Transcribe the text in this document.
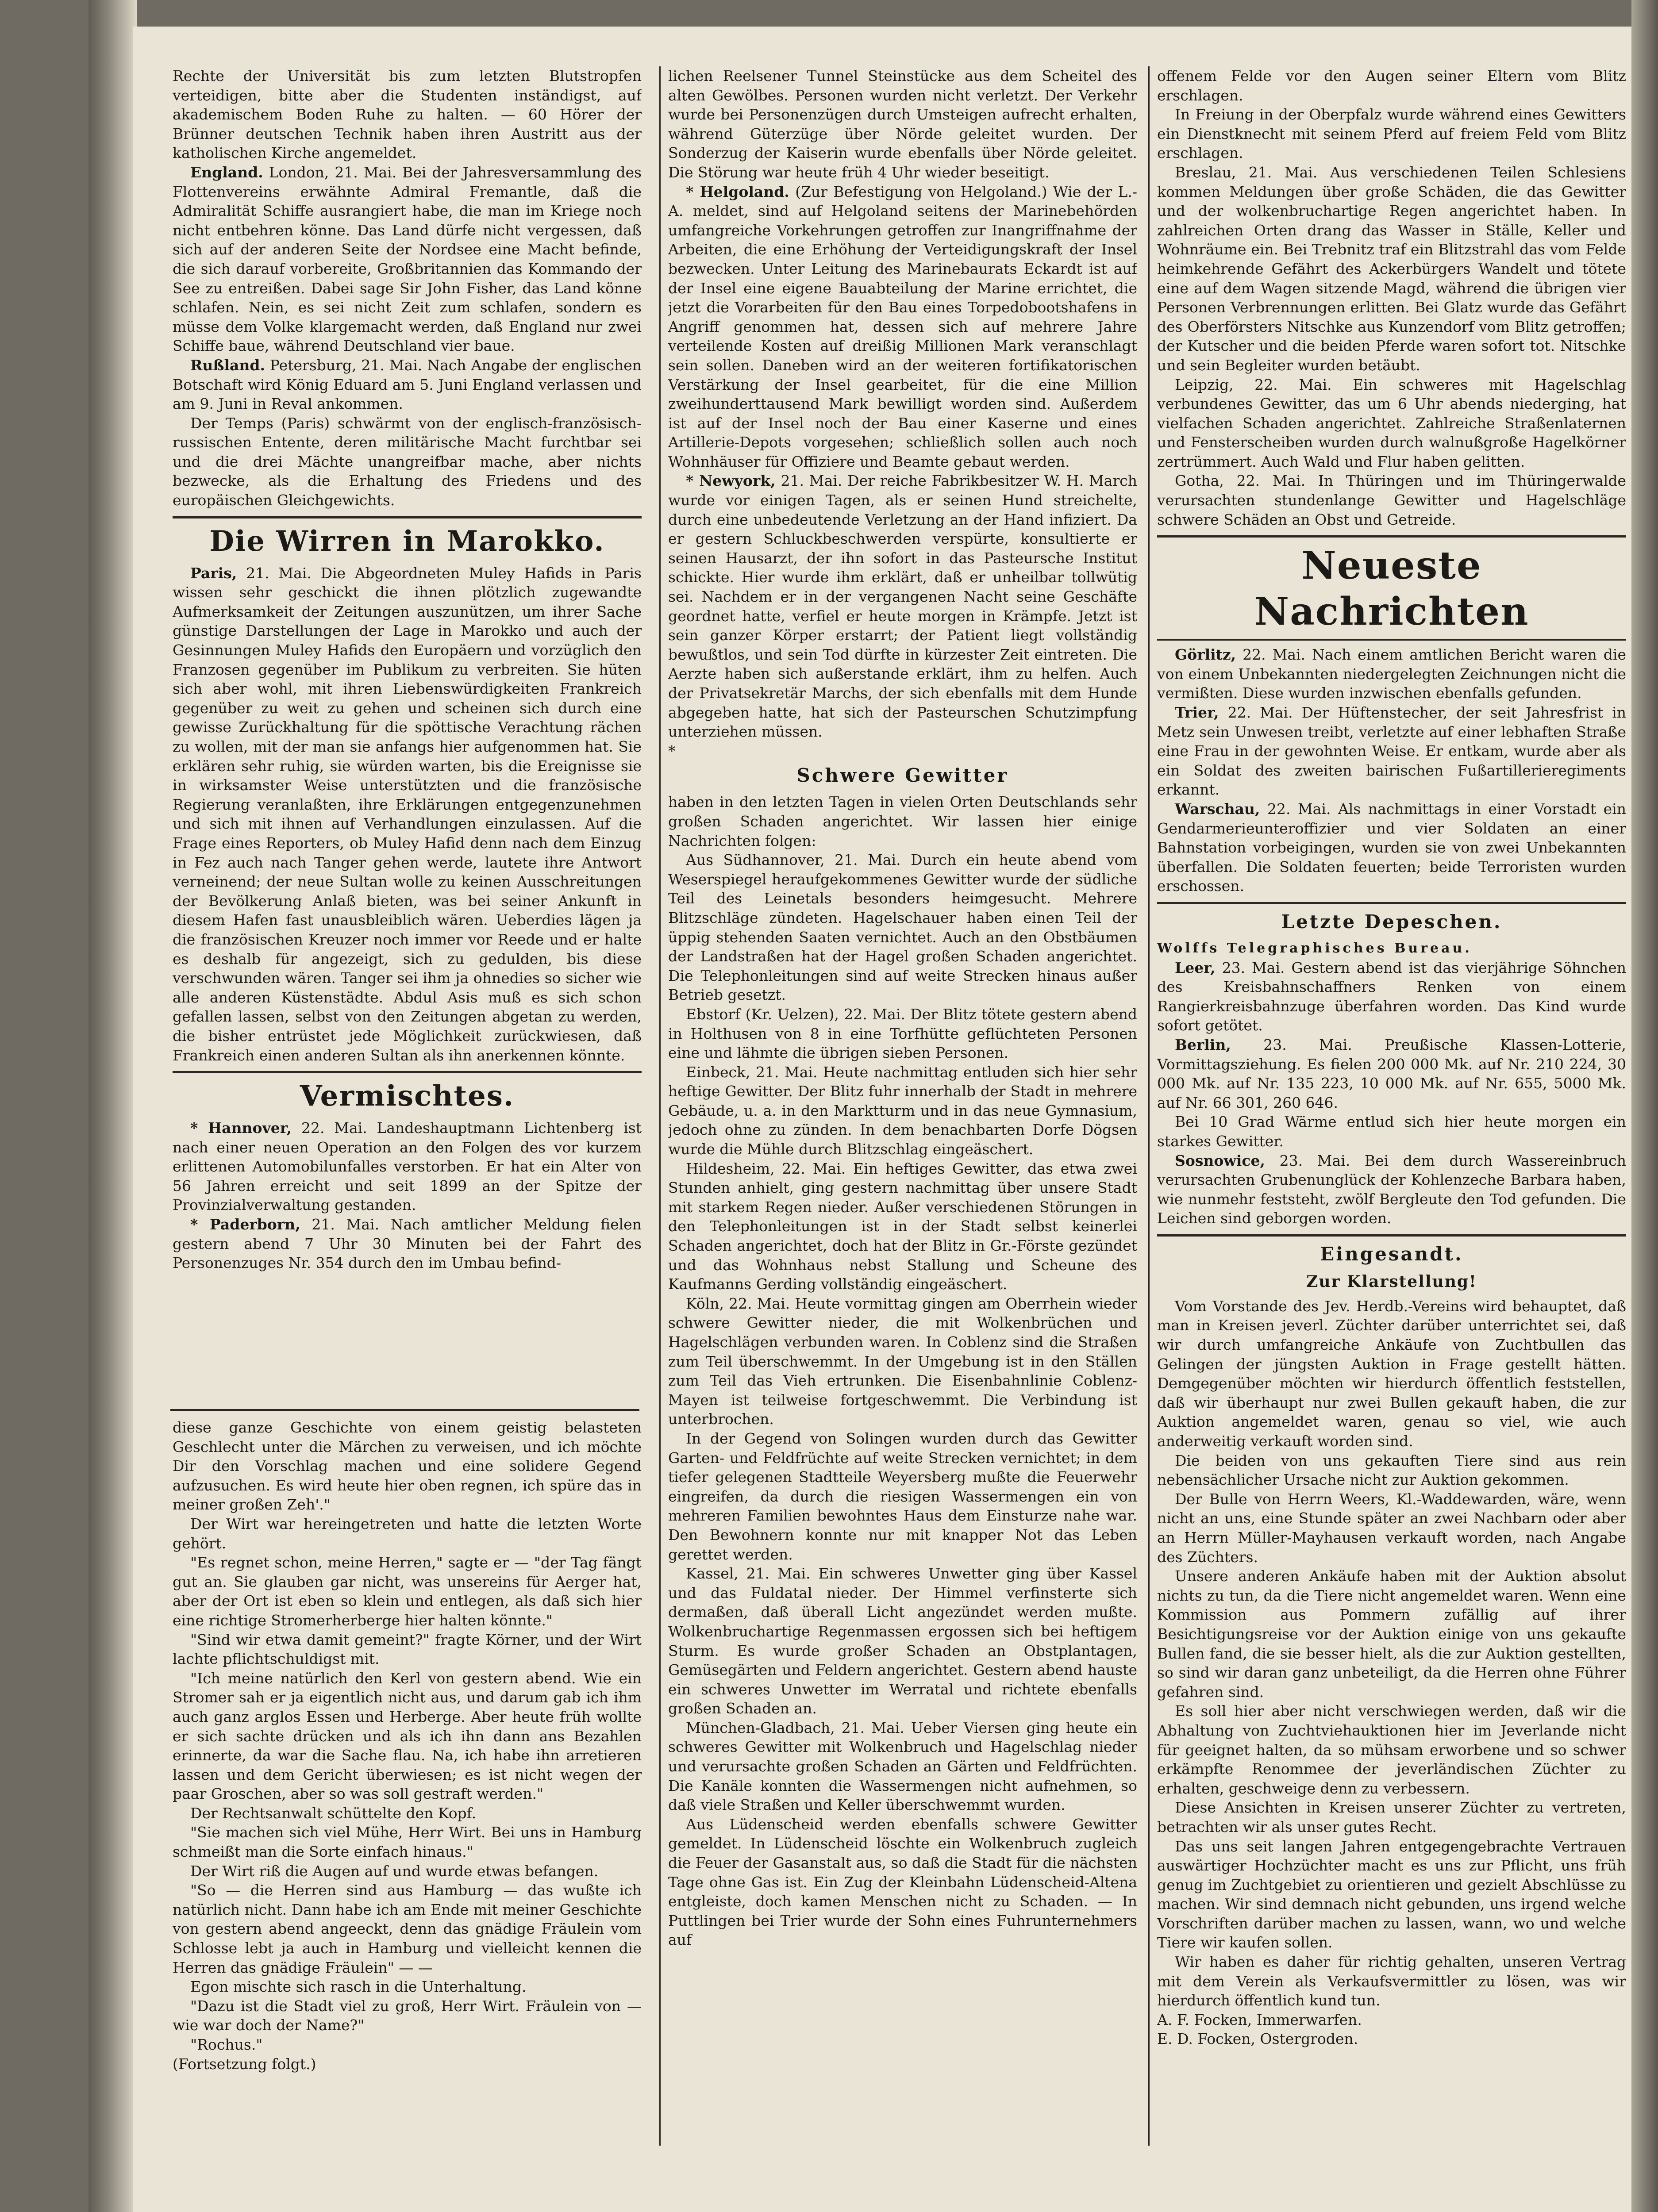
Rechte der Universität bis zum letzten Blutstropfen verteidigen, bitte aber die Studenten inständigst, auf akademischem Boden Ruhe zu halten. — 60 Hörer der Brünner deutschen Technik haben ihren Austritt aus der katholischen Kirche angemeldet.

England. London, 21. Mai. Bei der Jahresversammlung des Flottenvereins erwähnte Admiral Fremantle, daß die Admiralität Schiffe ausrangiert habe, die man im Kriege noch nicht entbehren könne. Das Land dürfe nicht vergessen, daß sich auf der anderen Seite der Nordsee eine Macht befinde, die sich darauf vorbereite, Großbritannien das Kommando der See zu entreißen. Dabei sage Sir John Fisher, das Land könne schlafen. Nein, es sei nicht Zeit zum schlafen, sondern es müsse dem Volke klargemacht werden, daß England nur zwei Schiffe baue, während Deutschland vier baue.

Rußland. Petersburg, 21. Mai. Nach Angabe der englischen Botschaft wird König Eduard am 5. Juni England verlassen und am 9. Juni in Reval ankommen.

Der Temps (Paris) schwärmt von der englisch-französisch-russischen Entente, deren militärische Macht furchtbar sei und die drei Mächte unangreifbar mache, aber nichts bezwecke, als die Erhaltung des Friedens und des europäischen Gleichgewichts.

Die Wirren in Marokko.

Paris, 21. Mai. Die Abgeordneten Muley Hafids in Paris wissen sehr geschickt die ihnen plötzlich zugewandte Aufmerksamkeit der Zeitungen auszunützen, um ihrer Sache günstige Darstellungen der Lage in Marokko und auch der Gesinnungen Muley Hafids den Europäern und vorzüglich den Franzosen gegenüber im Publikum zu verbreiten. Sie hüten sich aber wohl, mit ihren Liebenswürdigkeiten Frankreich gegenüber zu weit zu gehen und scheinen sich durch eine gewisse Zurückhaltung für die spöttische Verachtung rächen zu wollen, mit der man sie anfangs hier aufgenommen hat. Sie erklären sehr ruhig, sie würden warten, bis die Ereignisse sie in wirksamster Weise unterstützten und die französische Regierung veranlaßten, ihre Erklärungen entgegenzunehmen und sich mit ihnen auf Verhandlungen einzulassen. Auf die Frage eines Reporters, ob Muley Hafid denn nach dem Einzug in Fez auch nach Tanger gehen werde, lautete ihre Antwort verneinend; der neue Sultan wolle zu keinen Ausschreitungen der Bevölkerung Anlaß bieten, was bei seiner Ankunft in diesem Hafen fast unausbleiblich wären. Ueberdies lägen ja die französischen Kreuzer noch immer vor Reede und er halte es deshalb für angezeigt, sich zu gedulden, bis diese verschwunden wären. Tanger sei ihm ja ohnedies so sicher wie alle anderen Küstenstädte. Abdul Asis muß es sich schon gefallen lassen, selbst von den Zeitungen abgetan zu werden, die bisher entrüstet jede Möglichkeit zurückwiesen, daß Frankreich einen anderen Sultan als ihn anerkennen könnte.

Vermischtes.

* Hannover, 22. Mai. Landeshauptmann Lichtenberg ist nach einer neuen Operation an den Folgen des vor kurzem erlittenen Automobilunfalles verstorben. Er hat ein Alter von 56 Jahren erreicht und seit 1899 an der Spitze der Provinzialverwaltung gestanden.

* Paderborn, 21. Mai. Nach amtlicher Meldung fielen gestern abend 7 Uhr 30 Minuten bei der Fahrt des Personenzuges Nr. 354 durch den im Umbau befind-

diese ganze Geschichte von einem geistig belasteten Geschlecht unter die Märchen zu verweisen, und ich möchte Dir den Vorschlag machen und eine solidere Gegend aufzusuchen. Es wird heute hier oben regnen, ich spüre das in meiner großen Zeh'."

Der Wirt war hereingetreten und hatte die letzten Worte gehört.

"Es regnet schon, meine Herren," sagte er — "der Tag fängt gut an. Sie glauben gar nicht, was unsereins für Aerger hat, aber der Ort ist eben so klein und entlegen, als daß sich hier eine richtige Stromerherberge hier halten könnte."

"Sind wir etwa damit gemeint?" fragte Körner, und der Wirt lachte pflichtschuldigst mit.

"Ich meine natürlich den Kerl von gestern abend. Wie ein Stromer sah er ja eigentlich nicht aus, und darum gab ich ihm auch ganz arglos Essen und Herberge. Aber heute früh wollte er sich sachte drücken und als ich ihn dann ans Bezahlen erinnerte, da war die Sache flau. Na, ich habe ihn arretieren lassen und dem Gericht überwiesen; es ist nicht wegen der paar Groschen, aber so was soll gestraft werden."

Der Rechtsanwalt schüttelte den Kopf.

"Sie machen sich viel Mühe, Herr Wirt. Bei uns in Hamburg schmeißt man die Sorte einfach hinaus."

Der Wirt riß die Augen auf und wurde etwas befangen.

"So — die Herren sind aus Hamburg — das wußte ich natürlich nicht. Dann habe ich am Ende mit meiner Geschichte von gestern abend angeeckt, denn das gnädige Fräulein vom Schlosse lebt ja auch in Hamburg und vielleicht kennen die Herren das gnädige Fräulein" — —

Egon mischte sich rasch in die Unterhaltung.

"Dazu ist die Stadt viel zu groß, Herr Wirt. Fräulein von — wie war doch der Name?"

"Rochus."

(Fortsetzung folgt.)

lichen Reelsener Tunnel Steinstücke aus dem Scheitel des alten Gewölbes. Personen wurden nicht verletzt. Der Verkehr wurde bei Personenzügen durch Umsteigen aufrecht erhalten, während Güterzüge über Nörde geleitet wurden. Der Sonderzug der Kaiserin wurde ebenfalls über Nörde geleitet. Die Störung war heute früh 4 Uhr wieder beseitigt.

* Helgoland. (Zur Befestigung von Helgoland.) Wie der L.-A. meldet, sind auf Helgoland seitens der Marinebehörden umfangreiche Vorkehrungen getroffen zur Inangriffnahme der Arbeiten, die eine Erhöhung der Verteidigungskraft der Insel bezwecken. Unter Leitung des Marinebaurats Eckardt ist auf der Insel eine eigene Bauabteilung der Marine errichtet, die jetzt die Vorarbeiten für den Bau eines Torpedobootshafens in Angriff genommen hat, dessen sich auf mehrere Jahre verteilende Kosten auf dreißig Millionen Mark veranschlagt sein sollen. Daneben wird an der weiteren fortifikatorischen Verstärkung der Insel gearbeitet, für die eine Million zweihunderttausend Mark bewilligt worden sind. Außerdem ist auf der Insel noch der Bau einer Kaserne und eines Artillerie-Depots vorgesehen; schließlich sollen auch noch Wohnhäuser für Offiziere und Beamte gebaut werden.

* Newyork, 21. Mai. Der reiche Fabrikbesitzer W. H. March wurde vor einigen Tagen, als er seinen Hund streichelte, durch eine unbedeutende Verletzung an der Hand infiziert. Da er gestern Schluckbeschwerden verspürte, konsultierte er seinen Hausarzt, der ihn sofort in das Pasteursche Institut schickte. Hier wurde ihm erklärt, daß er unheilbar tollwütig sei. Nachdem er in der vergangenen Nacht seine Geschäfte geordnet hatte, verfiel er heute morgen in Krämpfe. Jetzt ist sein ganzer Körper erstarrt; der Patient liegt vollständig bewußtlos, und sein Tod dürfte in kürzester Zeit eintreten. Die Aerzte haben sich außerstande erklärt, ihm zu helfen. Auch der Privatsekretär Marchs, der sich ebenfalls mit dem Hunde abgegeben hatte, hat sich der Pasteurschen Schutzimpfung unterziehen müssen.

*

Schwere Gewitter

haben in den letzten Tagen in vielen Orten Deutschlands sehr großen Schaden angerichtet. Wir lassen hier einige Nachrichten folgen:

Aus Südhannover, 21. Mai. Durch ein heute abend vom Weserspiegel heraufgekommenes Gewitter wurde der südliche Teil des Leinetals besonders heimgesucht. Mehrere Blitzschläge zündeten. Hagelschauer haben einen Teil der üppig stehenden Saaten vernichtet. Auch an den Obstbäumen der Landstraßen hat der Hagel großen Schaden angerichtet. Die Telephonleitungen sind auf weite Strecken hinaus außer Betrieb gesetzt.

Ebstorf (Kr. Uelzen), 22. Mai. Der Blitz tötete gestern abend in Holthusen von 8 in eine Torfhütte geflüchteten Personen eine und lähmte die übrigen sieben Personen.

Einbeck, 21. Mai. Heute nachmittag entluden sich hier sehr heftige Gewitter. Der Blitz fuhr innerhalb der Stadt in mehrere Gebäude, u. a. in den Marktturm und in das neue Gymnasium, jedoch ohne zu zünden. In dem benachbarten Dorfe Dögsen wurde die Mühle durch Blitzschlag eingeäschert.

Hildesheim, 22. Mai. Ein heftiges Gewitter, das etwa zwei Stunden anhielt, ging gestern nachmittag über unsere Stadt mit starkem Regen nieder. Außer verschiedenen Störungen in den Telephonleitungen ist in der Stadt selbst keinerlei Schaden angerichtet, doch hat der Blitz in Gr.-Förste gezündet und das Wohnhaus nebst Stallung und Scheune des Kaufmanns Gerding vollständig eingeäschert.

Köln, 22. Mai. Heute vormittag gingen am Oberrhein wieder schwere Gewitter nieder, die mit Wolkenbrüchen und Hagelschlägen verbunden waren. In Coblenz sind die Straßen zum Teil überschwemmt. In der Umgebung ist in den Ställen zum Teil das Vieh ertrunken. Die Eisenbahnlinie Coblenz-Mayen ist teilweise fortgeschwemmt. Die Verbindung ist unterbrochen.

In der Gegend von Solingen wurden durch das Gewitter Garten- und Feldfrüchte auf weite Strecken vernichtet; in dem tiefer gelegenen Stadtteile Weyersberg mußte die Feuerwehr eingreifen, da durch die riesigen Wassermengen ein von mehreren Familien bewohntes Haus dem Einsturze nahe war. Den Bewohnern konnte nur mit knapper Not das Leben gerettet werden.

Kassel, 21. Mai. Ein schweres Unwetter ging über Kassel und das Fuldatal nieder. Der Himmel verfinsterte sich dermaßen, daß überall Licht angezündet werden mußte. Wolkenbruchartige Regenmassen ergossen sich bei heftigem Sturm. Es wurde großer Schaden an Obstplantagen, Gemüsegärten und Feldern angerichtet. Gestern abend hauste ein schweres Unwetter im Werratal und richtete ebenfalls großen Schaden an.

München-Gladbach, 21. Mai. Ueber Viersen ging heute ein schweres Gewitter mit Wolkenbruch und Hagelschlag nieder und verursachte großen Schaden an Gärten und Feldfrüchten. Die Kanäle konnten die Wassermengen nicht aufnehmen, so daß viele Straßen und Keller überschwemmt wurden.

Aus Lüdenscheid werden ebenfalls schwere Gewitter gemeldet. In Lüdenscheid löschte ein Wolkenbruch zugleich die Feuer der Gasanstalt aus, so daß die Stadt für die nächsten Tage ohne Gas ist. Ein Zug der Kleinbahn Lüdenscheid-Altena entgleiste, doch kamen Menschen nicht zu Schaden. — In Puttlingen bei Trier wurde der Sohn eines Fuhrunternehmers auf

offenem Felde vor den Augen seiner Eltern vom Blitz erschlagen.

In Freiung in der Oberpfalz wurde während eines Gewitters ein Dienstknecht mit seinem Pferd auf freiem Feld vom Blitz erschlagen.

Breslau, 21. Mai. Aus verschiedenen Teilen Schlesiens kommen Meldungen über große Schäden, die das Gewitter und der wolkenbruchartige Regen angerichtet haben. In zahlreichen Orten drang das Wasser in Ställe, Keller und Wohnräume ein. Bei Trebnitz traf ein Blitzstrahl das vom Felde heimkehrende Gefährt des Ackerbürgers Wandelt und tötete eine auf dem Wagen sitzende Magd, während die übrigen vier Personen Verbrennungen erlitten. Bei Glatz wurde das Gefährt des Oberförsters Nitschke aus Kunzendorf vom Blitz getroffen; der Kutscher und die beiden Pferde waren sofort tot. Nitschke und sein Begleiter wurden betäubt.

Leipzig, 22. Mai. Ein schweres mit Hagelschlag verbundenes Gewitter, das um 6 Uhr abends niederging, hat vielfachen Schaden angerichtet. Zahlreiche Straßenlaternen und Fensterscheiben wurden durch walnußgroße Hagelkörner zertrümmert. Auch Wald und Flur haben gelitten.

Gotha, 22. Mai. In Thüringen und im Thüringerwalde verursachten stundenlange Gewitter und Hagelschläge schwere Schäden an Obst und Getreide.

Neueste Nachrichten

Görlitz, 22. Mai. Nach einem amtlichen Bericht waren die von einem Unbekannten niedergelegten Zeichnungen nicht die vermißten. Diese wurden inzwischen ebenfalls gefunden.

Trier, 22. Mai. Der Hüftenstecher, der seit Jahresfrist in Metz sein Unwesen treibt, verletzte auf einer lebhaften Straße eine Frau in der gewohnten Weise. Er entkam, wurde aber als ein Soldat des zweiten bairischen Fußartillerieregiments erkannt.

Warschau, 22. Mai. Als nachmittags in einer Vorstadt ein Gendarmerieunteroffizier und vier Soldaten an einer Bahnstation vorbeigingen, wurden sie von zwei Unbekannten überfallen. Die Soldaten feuerten; beide Terroristen wurden erschossen.

Letzte Depeschen.

Wolffs Telegraphisches Bureau.

Leer, 23. Mai. Gestern abend ist das vierjährige Söhnchen des Kreisbahnschaffners Renken von einem Rangierkreisbahnzuge überfahren worden. Das Kind wurde sofort getötet.

Berlin, 23. Mai. Preußische Klassen-Lotterie, Vormittagsziehung. Es fielen 200 000 Mk. auf Nr. 210 224, 30 000 Mk. auf Nr. 135 223, 10 000 Mk. auf Nr. 655, 5000 Mk. auf Nr. 66 301, 260 646.

Bei 10 Grad Wärme entlud sich hier heute morgen ein starkes Gewitter.

Sosnowice, 23. Mai. Bei dem durch Wassereinbruch verursachten Grubenunglück der Kohlenzeche Barbara haben, wie nunmehr feststeht, zwölf Bergleute den Tod gefunden. Die Leichen sind geborgen worden.

Eingesandt.
Zur Klarstellung!

Vom Vorstande des Jev. Herdb.-Vereins wird behauptet, daß man in Kreisen jeverl. Züchter darüber unterrichtet sei, daß wir durch umfangreiche Ankäufe von Zuchtbullen das Gelingen der jüngsten Auktion in Frage gestellt hätten. Demgegenüber möchten wir hierdurch öffentlich feststellen, daß wir überhaupt nur zwei Bullen gekauft haben, die zur Auktion angemeldet waren, genau so viel, wie auch anderweitig verkauft worden sind.

Die beiden von uns gekauften Tiere sind aus rein nebensächlicher Ursache nicht zur Auktion gekommen.

Der Bulle von Herrn Weers, Kl.-Waddewarden, wäre, wenn nicht an uns, eine Stunde später an zwei Nachbarn oder aber an Herrn Müller-Mayhausen verkauft worden, nach Angabe des Züchters.

Unsere anderen Ankäufe haben mit der Auktion absolut nichts zu tun, da die Tiere nicht angemeldet waren. Wenn eine Kommission aus Pommern zufällig auf ihrer Besichtigungsreise vor der Auktion einige von uns gekaufte Bullen fand, die sie besser hielt, als die zur Auktion gestellten, so sind wir daran ganz unbeteiligt, da die Herren ohne Führer gefahren sind.

Es soll hier aber nicht verschwiegen werden, daß wir die Abhaltung von Zuchtviehauktionen hier im Jeverlande nicht für geeignet halten, da so mühsam erworbene und so schwer erkämpfte Renommee der jeverländischen Züchter zu erhalten, geschweige denn zu verbessern.

Diese Ansichten in Kreisen unserer Züchter zu vertreten, betrachten wir als unser gutes Recht.

Das uns seit langen Jahren entgegengebrachte Vertrauen auswärtiger Hochzüchter macht es uns zur Pflicht, uns früh genug im Zuchtgebiet zu orientieren und gezielt Abschlüsse zu machen. Wir sind demnach nicht gebunden, uns irgend welche Vorschriften darüber machen zu lassen, wann, wo und welche Tiere wir kaufen sollen.

Wir haben es daher für richtig gehalten, unseren Vertrag mit dem Verein als Verkaufsvermittler zu lösen, was wir hierdurch öffentlich kund tun.

A. F. Focken, Immerwarfen.

E. D. Focken, Ostergroden.
